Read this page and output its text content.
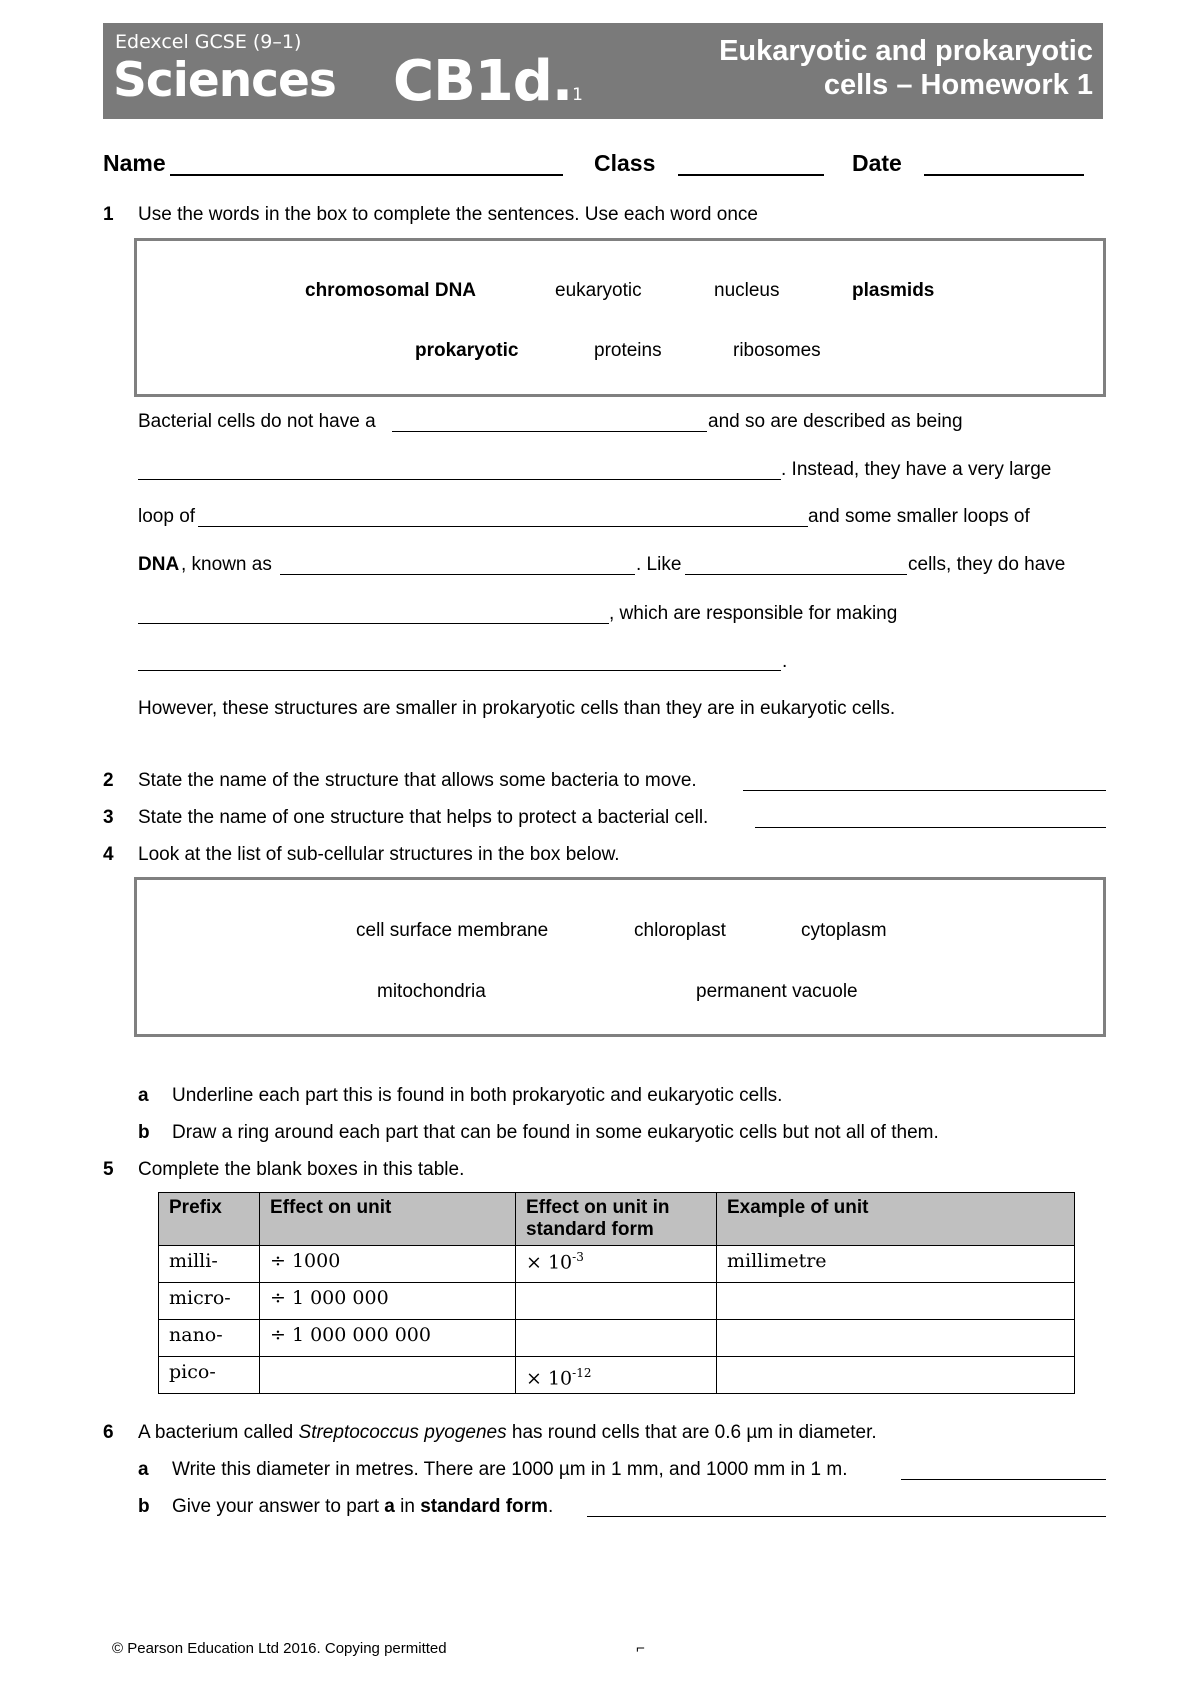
Edexcel GCSE (9–1)
Sciences CB1d.1
Eukaryotic and prokaryotic
cells – Homework 1
Name	Class	Date
1 Use the words in the box to complete the sentences. Use each word once
chromosomal DNA	eukaryotic	nucleus	plasmids
prokaryotic	proteins	ribosomes
Bacterial cells do not have a	and so are described as being
. Instead, they have a very large
loop of	and some smaller loops of
DNA , known as	. Like	cells, they do have
, which are responsible for making
.
However, these structures are smaller in prokaryotic cells than they are in eukaryotic cells.
2 State the name of the structure that allows some bacteria to move.
3 State the name of one structure that helps to protect a bacterial cell.
4 Look at the list of sub-cellular structures in the box below.
cell surface membrane	chloroplast	cytoplasm
mitochondria	permanent vacuole
a Underline each part this is found in both prokaryotic and eukaryotic cells.
b Draw a ring around each part that can be found in some eukaryotic cells but not all of them.
5 Complete the blank boxes in this table.
Prefix	Effect on unit	Effect on unit in standard form	Example of unit
milli-	÷ 1000	× $10^{-3}$	millimetre
micro-	÷ 1 000 000		
nano-	÷ 1 000 000 000		
pico-		× $10^{-12}$	
6 A bacterium called Streptococcus pyogenes has round cells that are 0.6 µm in diameter.
a Write this diameter in metres. There are 1000 µm in 1 mm, and 1000 mm in 1 m.
b Give your answer to part a in standard form.
© Pearson Education Ltd 2016. Copying permitted	⌐
